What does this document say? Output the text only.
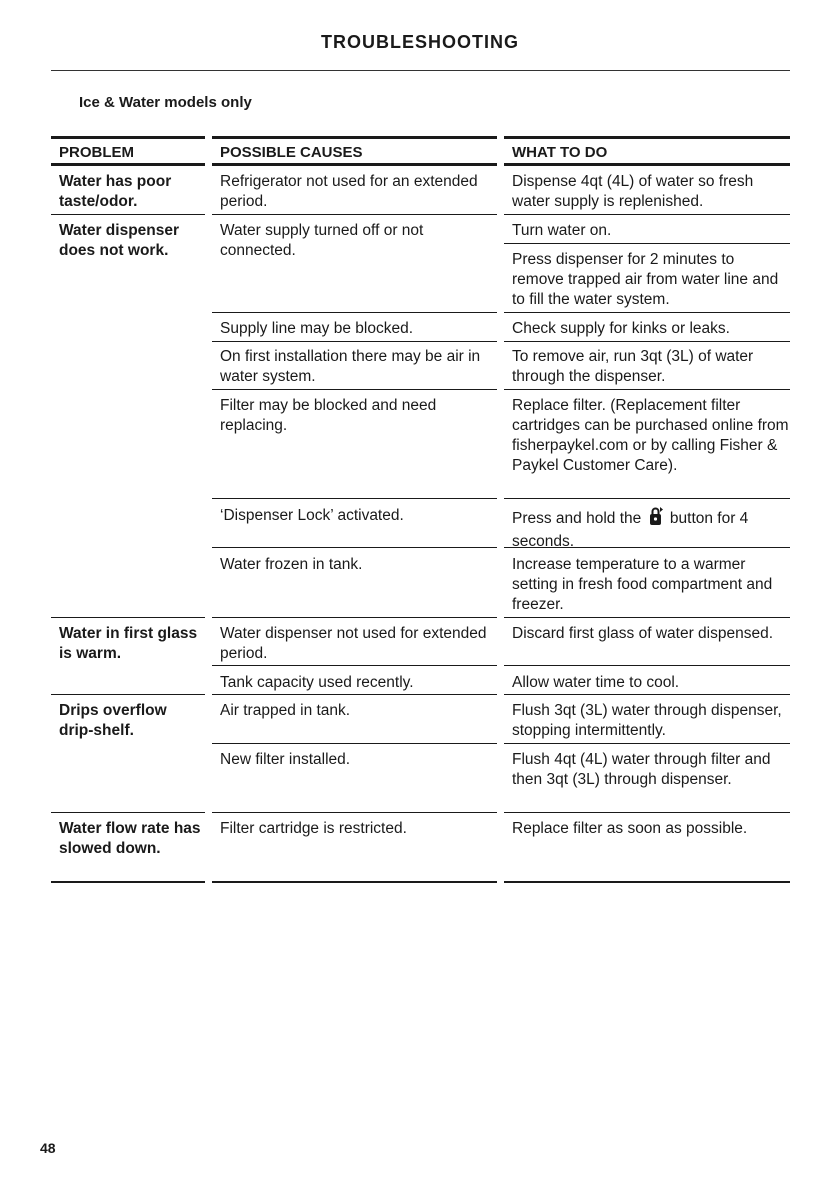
TROUBLESHOOTING
Ice & Water models only
PROBLEM
Water has poor taste/odor.
Water dispenser does not work.
Water in first glass is warm.
Drips overflow drip-shelf.
Water flow rate has slowed down.
POSSIBLE CAUSES
Refrigerator not used for an extended period.
Water supply turned off or not connected.
Supply line may be blocked.
On first installation there may be air in water system.
Filter may be blocked and need replacing.
‘Dispenser Lock’ activated.
Water frozen in tank.
Water dispenser not used for extended period.
Tank capacity used recently.
Air trapped in tank.
New filter installed.
Filter cartridge is restricted.
WHAT TO DO
Dispense 4qt (4L) of water so fresh water supply is replenished.
Turn water on.
Press dispenser for 2 minutes to remove trapped air from water line and to fill the water system.
Check supply for kinks or leaks.
To remove air, run 3qt (3L) of water through the dispenser.
Replace filter. (Replacement filter cartridges can be purchased online from fisherpaykel.com or by calling Fisher & Paykel Customer Care).
Press and hold the button for 4 seconds.
Increase temperature to a warmer setting in fresh food compartment and freezer.
Discard first glass of water dispensed.
Allow water time to cool.
Flush 3qt (3L) water through dispenser, stopping intermittently.
Flush 4qt (4L) water through filter and then 3qt (3L) through dispenser.
Replace filter as soon as possible.
48
